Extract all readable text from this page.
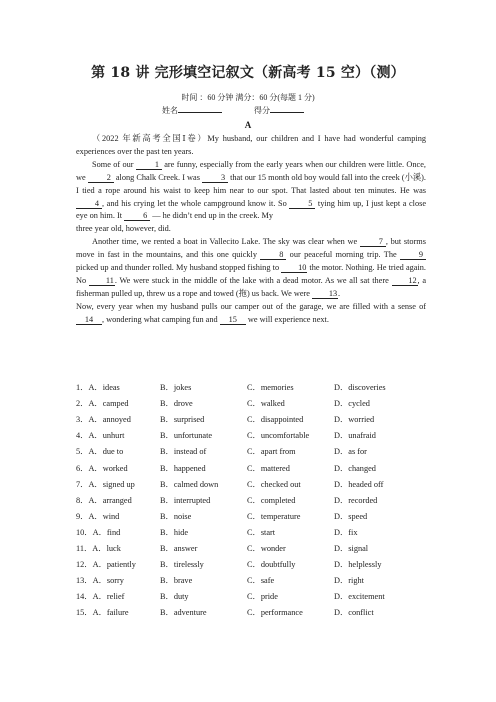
第 18 讲 完形填空记叙文（新高考 15 空）（测）
时间 ：60 分钟 满分：60 分(每题 1 分)
姓名	得分
A

（2022 年新高考全国Ⅰ卷）My husband, our children and I have had wonderful camping experiences over the past ten years.

Some of our 1 are funny, especially from the early years when our children were little. Once, we 2 along Chalk Creek. I was 3 that our 15 month old boy would fall into the creek (小溪). I tied a rope around his waist to keep him near to our spot. That lasted about ten minutes. He was 4 , and his crying let the whole campground know it. So 5 tying him up, I just kept a close eye on him. It 6 — he didn’t end up in the creek. My

three year old, however, did.

Another time, we rented a boat in Vallecito Lake. The sky was clear when we 7 , but storms move in fast in the mountains, and this one quickly 8 our peaceful morning trip. The 9 picked up and thunder rolled. My husband stopped fishing to 10 the motor. Nothing. He tried again. No 11. We were stuck in the middle of the lake with a dead motor. As we all sat there 12, a fisherman pulled up, threw us a rope and towed (拖) us back. We were 13.

Now, every year when my husband pulls our camper out of the garage, we are filled with a sense of 14 , wondering what camping fun and 15 we will experience next.

1．A．ideas	B．jokes	C．memories	D．discoveries
2．A．camped	B．drove	C．walked	D．cycled
3．A．annoyed	B．surprised	C．disappointed	D．worried
4．A．unhurt	B．unfortunate	C．uncomfortable	D．unafraid
5．A．due to	B．instead of	C．apart from	D．as for
6．A．worked	B．happened	C．mattered	D．changed
7．A．signed up	B．calmed down	C．checked out	D．headed off
8．A．arranged	B．interrupted	C．completed	D．recorded
9．A．wind	B．noise	C．temperature	D．speed
10．A．find	B．hide	C．start	D．fix
11．A．luck	B．answer	C．wonder	D．signal
12．A．patiently	B．tirelessly	C．doubtfully	D．helplessly
13．A．sorry	B．brave	C．safe	D．right
14．A．relief	B．duty	C．pride	D．excitement
15．A．failure	B．adventure	C．performance	D．conflict
